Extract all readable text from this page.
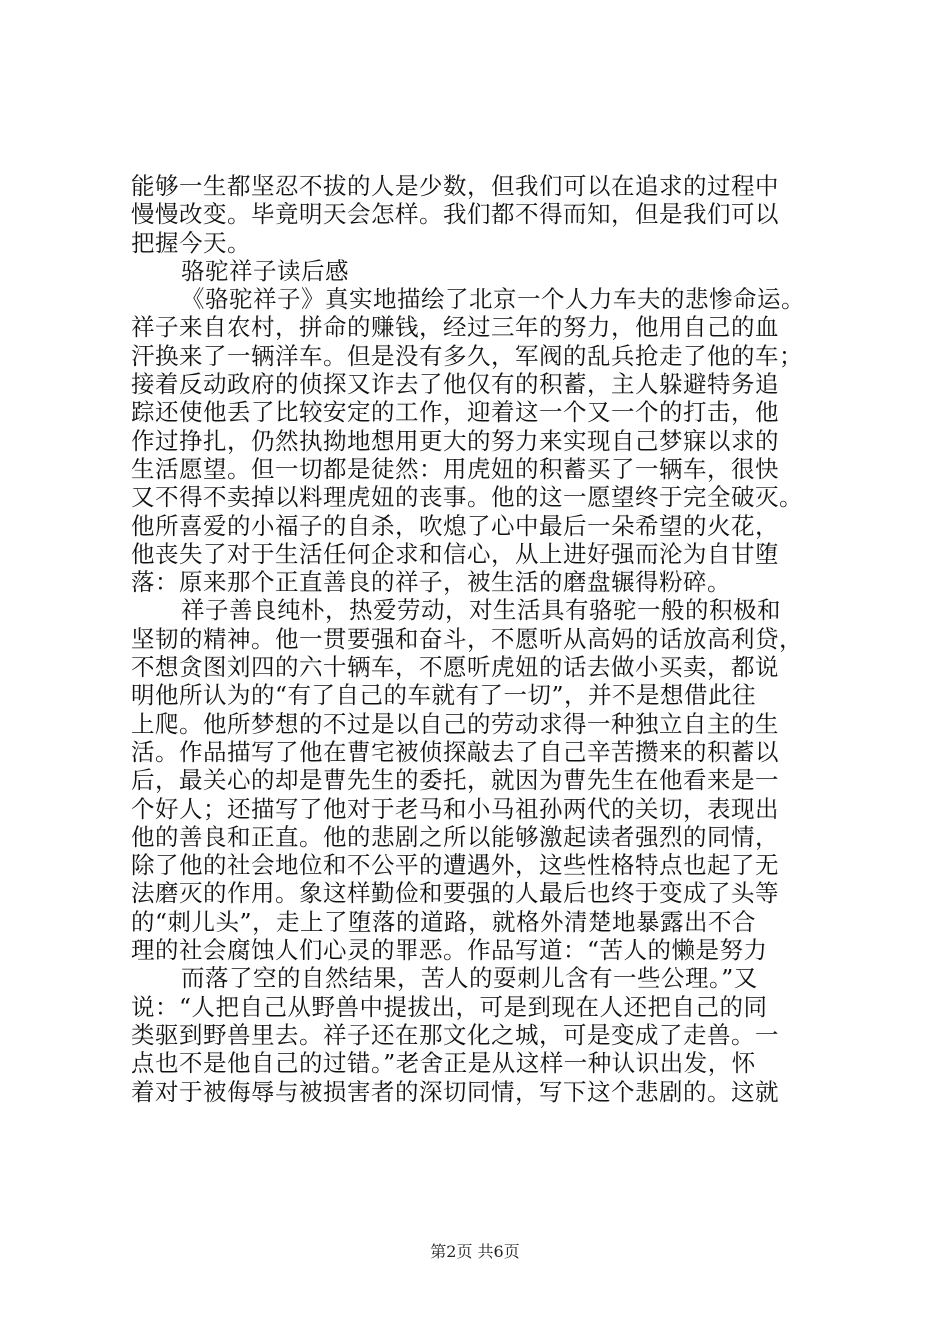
能够一生都坚忍不拔的人是少数，但我们可以在追求的过程中
慢慢改变。毕竟明天会怎样。我们都不得而知，但是我们可以
把握今天。
骆驼祥子读后感
《骆驼祥子》真实地描绘了北京一个人力车夫的悲惨命运。
祥子来自农村，拼命的赚钱，经过三年的努力，他用自己的血
汗换来了一辆洋车。但是没有多久，军阀的乱兵抢走了他的车；
接着反动政府的侦探又诈去了他仅有的积蓄，主人躲避特务追
踪还使他丢了比较安定的工作，迎着这一个又一个的打击，他
作过挣扎，仍然执拗地想用更大的努力来实现自己梦寐以求的
生活愿望。但一切都是徒然：用虎妞的积蓄买了一辆车，很快
又不得不卖掉以料理虎妞的丧事。他的这一愿望终于完全破灭。
他所喜爱的小福子的自杀，吹熄了心中最后一朵希望的火花，
他丧失了对于生活任何企求和信心，从上进好强而沦为自甘堕
落：原来那个正直善良的祥子，被生活的磨盘辗得粉碎。
祥子善良纯朴，热爱劳动，对生活具有骆驼一般的积极和
坚韧的精神。他一贯要强和奋斗，不愿听从高妈的话放高利贷，
不想贪图刘四的六十辆车，不愿听虎妞的话去做小买卖，都说
明他所认为的“有了自己的车就有了一切”，并不是想借此往
上爬。他所梦想的不过是以自己的劳动求得一种独立自主的生
活。作品描写了他在曹宅被侦探敲去了自己辛苦攒来的积蓄以
后，最关心的却是曹先生的委托，就因为曹先生在他看来是一
个好人；还描写了他对于老马和小马祖孙两代的关切，表现出
他的善良和正直。他的悲剧之所以能够激起读者强烈的同情，
除了他的社会地位和不公平的遭遇外，这些性格特点也起了无
法磨灭的作用。象这样勤俭和要强的人最后也终于变成了头等
的“刺儿头”，走上了堕落的道路，就格外清楚地暴露出不合
理的社会腐蚀人们心灵的罪恶。作品写道：“苦人的懒是努力
而落了空的自然结果，苦人的耍刺儿含有一些公理。”又
说：“人把自己从野兽中提拔出，可是到现在人还把自己的同
类驱到野兽里去。祥子还在那文化之城，可是变成了走兽。一
点也不是他自己的过错。”老舍正是从这样一种认识出发，怀
着对于被侮辱与被损害者的深切同情，写下这个悲剧的。这就
第2页 共6页
